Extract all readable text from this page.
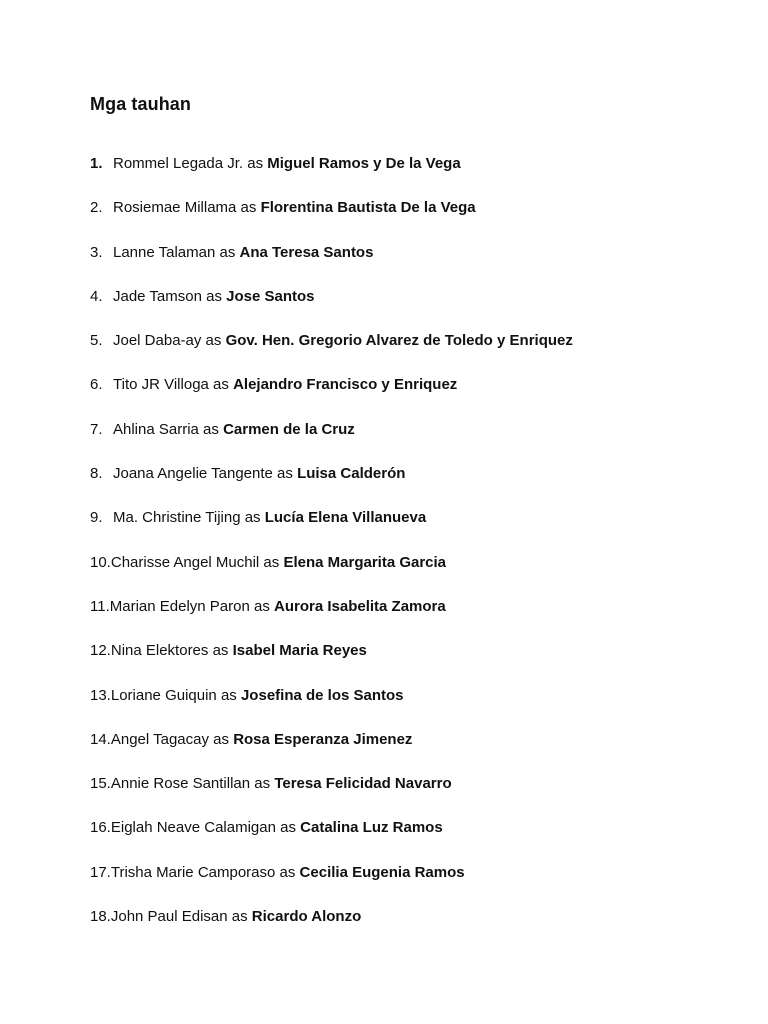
Mga tauhan
1. Rommel Legada Jr. as Miguel Ramos y De la Vega
2. Rosiemae Millama as Florentina Bautista De la Vega
3. Lanne Talaman as Ana Teresa Santos
4. Jade Tamson as Jose Santos
5. Joel Daba-ay as Gov. Hen. Gregorio Alvarez de Toledo y Enriquez
6. Tito JR Villoga as Alejandro Francisco y Enriquez
7. Ahlina Sarria as Carmen de la Cruz
8. Joana Angelie Tangente as Luisa Calderón
9. Ma. Christine Tijing as Lucía Elena Villanueva
10. Charisse Angel Muchil as Elena Margarita Garcia
11. Marian Edelyn Paron as Aurora Isabelita Zamora
12. Nina Elektores as Isabel Maria Reyes
13. Loriane Guiquin as Josefina de los Santos
14. Angel Tagacay as Rosa Esperanza Jimenez
15. Annie Rose Santillan as Teresa Felicidad Navarro
16. Eiglah Neave Calamigan as Catalina Luz Ramos
17. Trisha Marie Camporaso as Cecilia Eugenia Ramos
18. John Paul Edisan as Ricardo Alonzo
